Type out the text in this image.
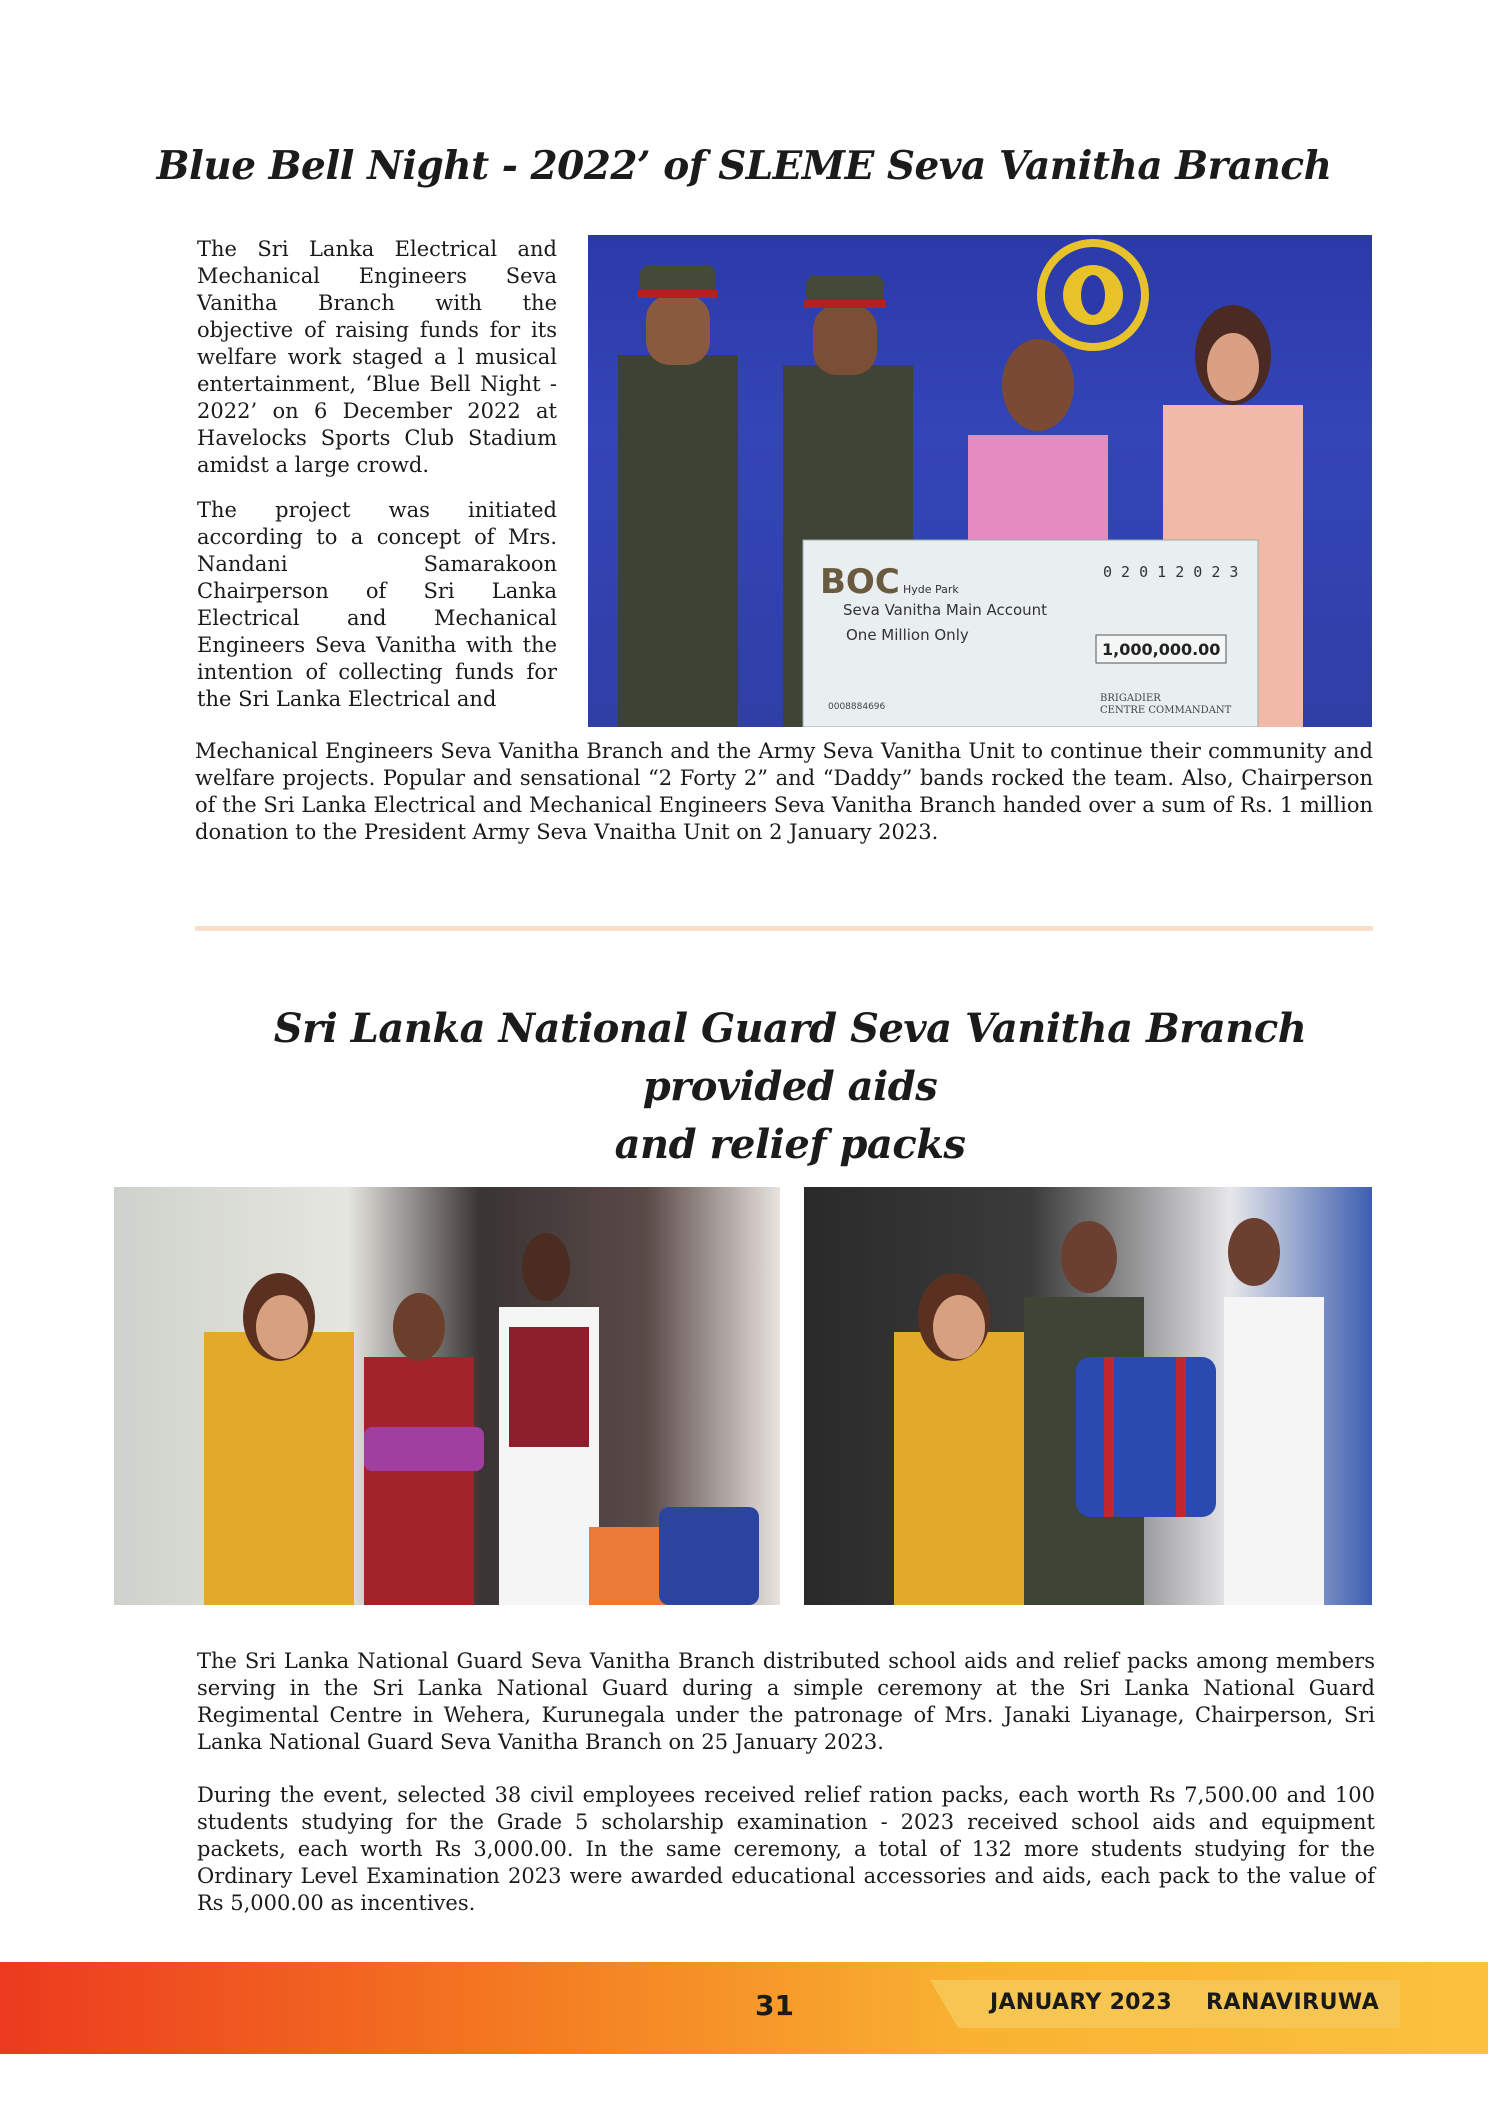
Blue Bell Night - 2022’ of SLEME Seva Vanitha Branch

The Sri Lanka Electrical and Mechanical Engineers Seva Vanitha Branch with the objective of raising funds for its welfare work staged a l musical entertainment, ‘Blue Bell Night - 2022’ on 6 December 2022 at Havelocks Sports Club Stadium amidst a large crowd.

The project was initiated according to a concept of Mrs. Nandani Samarakoon Chairperson of Sri Lanka Electrical and Mechanical Engineers Seva Vanitha with the intention of collecting funds for the Sri Lanka Electrical and

BOC Hyde Park
0 2 0 1 2 0 2 3
Seva Vanitha Main Account
One Million Only
1,000,000.00
0008884696
BRIGADIER
CENTRE COMMANDANT

Mechanical Engineers Seva Vanitha Branch and the Army Seva Vanitha Unit to continue their community and welfare projects. Popular and sensational “2 Forty 2” and “Daddy” bands rocked the team. Also, Chairperson of the Sri Lanka Electrical and Mechanical Engineers Seva Vanitha Branch handed over a sum of Rs. 1 million donation to the President Army Seva Vnaitha Unit on 2 January 2023.

Sri Lanka National Guard Seva Vanitha Branch provided aids
and relief packs

The Sri Lanka National Guard Seva Vanitha Branch distributed school aids and relief packs among members serving in the Sri Lanka National Guard during a simple ceremony at the Sri Lanka National Guard Regimental Centre in Wehera, Kurunegala under the patronage of Mrs. Janaki Liyanage, Chairperson, Sri Lanka National Guard Seva Vanitha Branch on 25 January 2023.

During the event, selected 38 civil employees received relief ration packs, each worth Rs 7,500.00 and 100 students studying for the Grade 5 scholarship examination - 2023 received school aids and equipment packets, each worth Rs 3,000.00. In the same ceremony, a total of 132 more students studying for the Ordinary Level Examination 2023 were awarded educational accessories and aids, each pack to the value of Rs 5,000.00 as incentives.

31	JANUARY 2023 RANAVIRUWA
